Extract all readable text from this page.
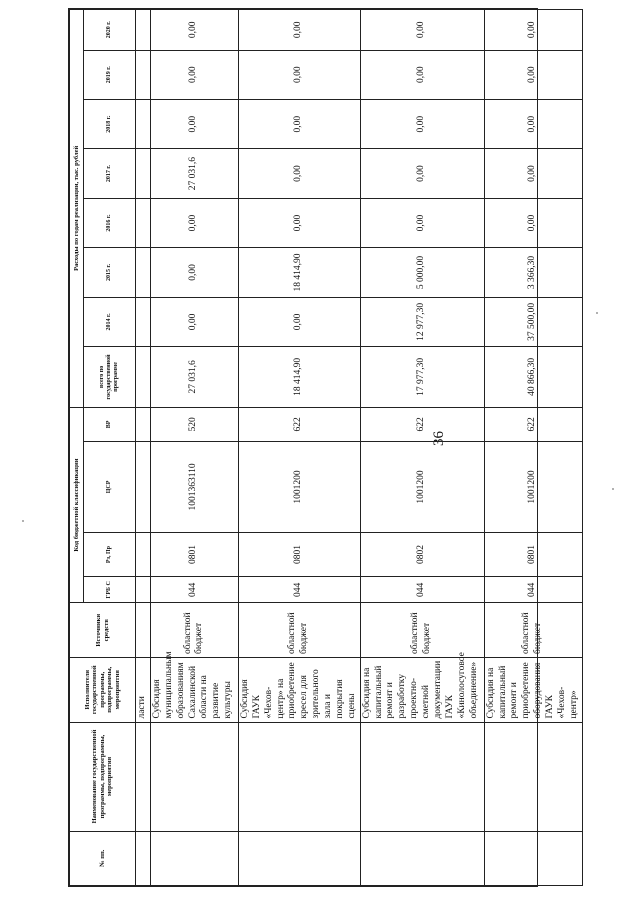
36
№ пп.	Наименование государственной программы, подпрограммы, мероприятия	Исполнители государственной программы, подпрограммы, мероприятия	Источники средств	Код бюджетной классификации				Расходы по годам реализации, тыс. рублей							
				ГРБ С	Рз, Пр	ЦСР	ВР	всего по государственной программе	2014 г.	2015 г.	2016 г.	2017 г.	2018 г.	2019 г.	2020 г.
		ласти													
		Субсидия муниципальным образованиям Сахалинской области на развитие культуры	областной бюджет	044	0801	1001363110	520	27 031,6	0,00	0,00	0,00	27 031,6	0,00	0,00	0,00
		Субсидия ГАУК «Чехов-центр» на приобретение кресел для зрительного зала и покрытия сцены	областной бюджет	044	0801	1001200	622	18 414,90	0,00	18 414,90	0,00	0,00	0,00	0,00	0,00
		Субсидия на капитальный ремонт и разработку проектно-сметной документации ГАУК «Кинолосуговое объединение»	областной бюджет	044	0802	1001200	622	17 977,30	12 977,30	5 000,00	0,00	0,00	0,00	0,00	0,00
		Субсидия на капитальный ремонт и приобретение оборудования ГАУК «Чехов-центр»	областной бюджет	044	0801	1001200	622	40 866,30	37 500,00	3 366,30	0,00	0,00	0,00	0,00	0,00
